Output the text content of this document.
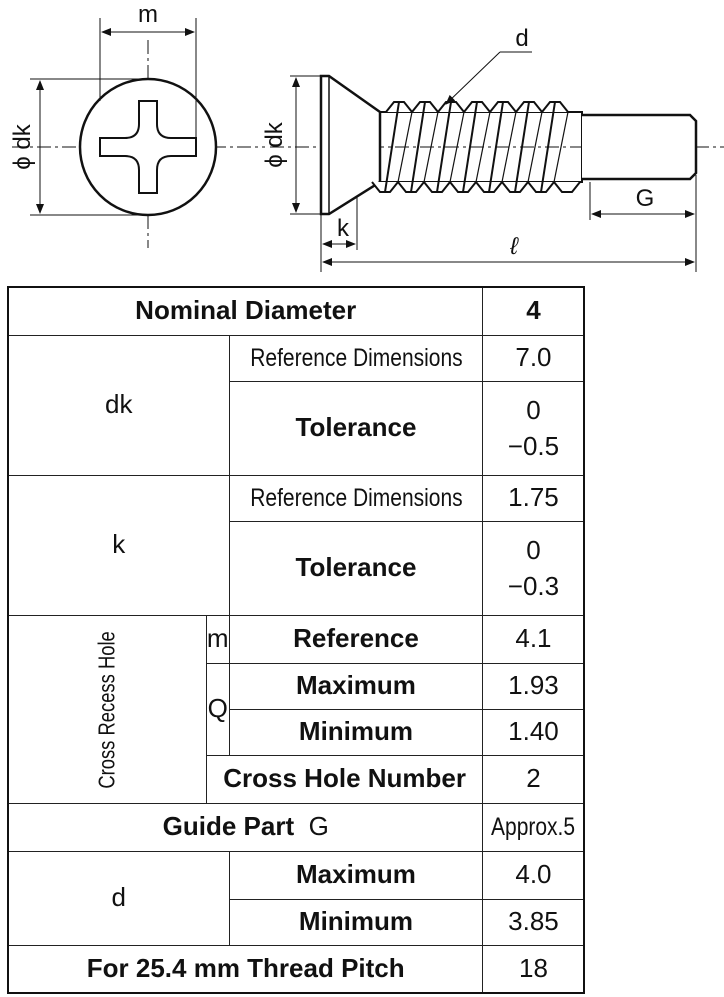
m
ϕ dk	ϕ dk
d
k
G
ℓ
Nominal Diameter			4
dk		Reference Dimensions	7.0
		Tolerance	0
−0.5

k		Reference Dimensions	1.75
		Tolerance	0
−0.3

Cross Recess Hole	m	Reference	4.1
	Q	Maximum	1.93
		Minimum	1.40
	Cross Hole Number		2
Guide Part G			Approx.5
d		Maximum	4.0
		Minimum	3.85
For 25.4 mm Thread Pitch			18
